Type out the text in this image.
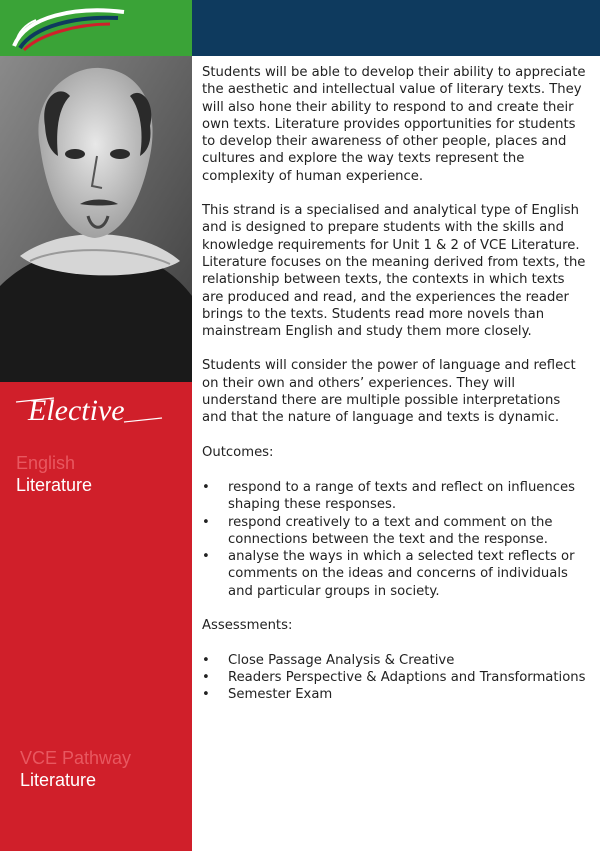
Elective
English
Literature
VCE Pathway
Literature

Students will be able to develop their ability to appreciate the aesthetic and intellectual value of literary texts. They will also hone their ability to respond to and create their own texts. Literature provides opportunities for students to develop their awareness of other people, places and cultures and explore the way texts represent the complexity of human experience.

This strand is a specialised and analytical type of English and is designed to prepare students with the skills and knowledge requirements for Unit 1 & 2 of VCE Literature. Literature focuses on the meaning derived from texts, the relationship between texts, the contexts in which texts are produced and read, and the experiences the reader brings to the texts. Students read more novels than mainstream English and study them more closely.

Students will consider the power of language and reflect on their own and others’ experiences. They will understand there are multiple possible interpretations and that the nature of language and texts is dynamic.

Outcomes:

• respond to a range of texts and reflect on influences shaping these responses.
• respond creatively to a text and comment on the connections between the text and the response.
• analyse the ways in which a selected text reflects or comments on the ideas and concerns of individuals and particular groups in society.

Assessments:

• Close Passage Analysis & Creative
• Readers Perspective & Adaptions and Transformations
• Semester Exam
